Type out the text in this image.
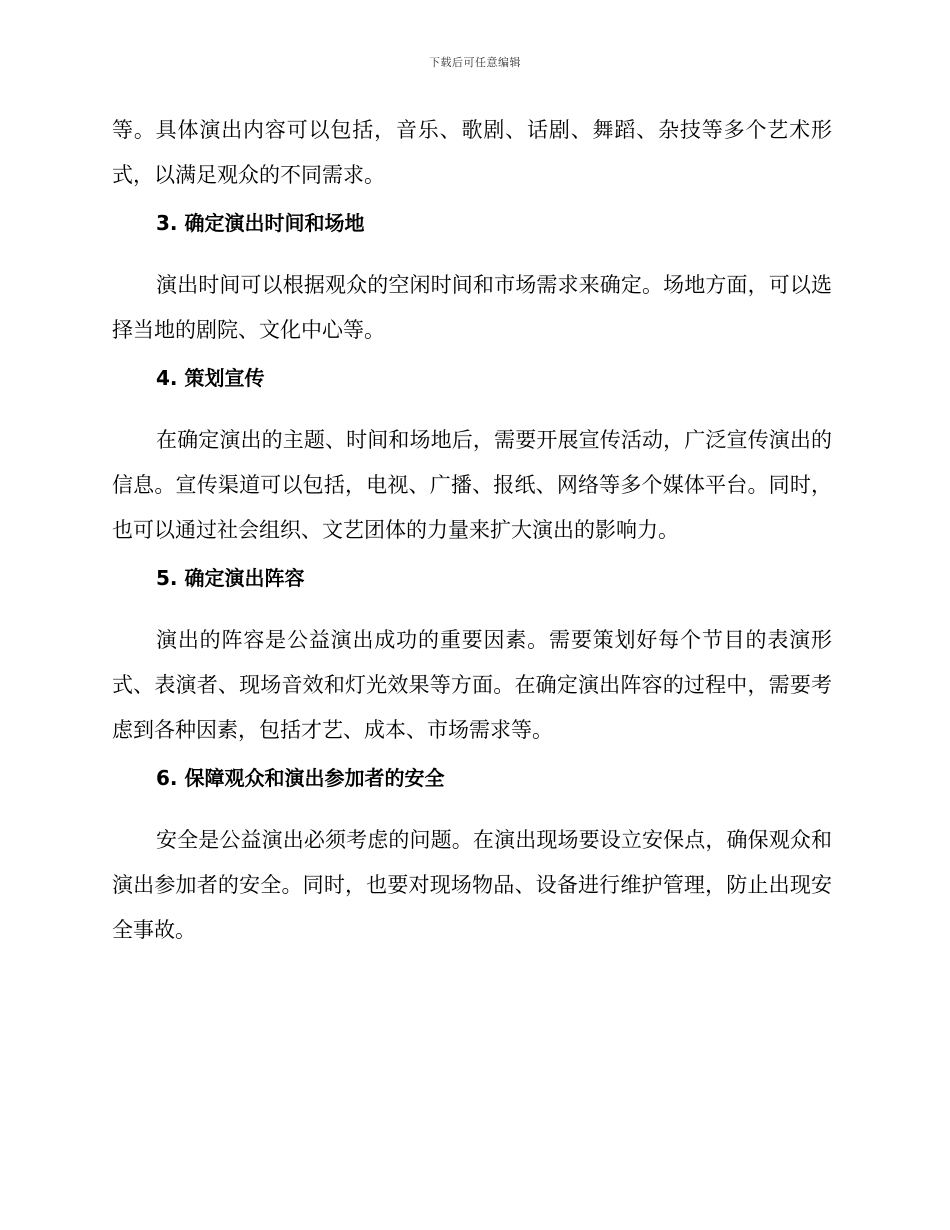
下载后可任意编辑

等。具体演出内容可以包括，音乐、歌剧、话剧、舞蹈、杂技等多个艺术形式，以满足观众的不同需求。

3. 确定演出时间和场地

演出时间可以根据观众的空闲时间和市场需求来确定。场地方面，可以选择当地的剧院、文化中心等。

4. 策划宣传

在确定演出的主题、时间和场地后，需要开展宣传活动，广泛宣传演出的信息。宣传渠道可以包括，电视、广播、报纸、网络等多个媒体平台。同时，也可以通过社会组织、文艺团体的力量来扩大演出的影响力。

5. 确定演出阵容

演出的阵容是公益演出成功的重要因素。需要策划好每个节目的表演形式、表演者、现场音效和灯光效果等方面。在确定演出阵容的过程中，需要考虑到各种因素，包括才艺、成本、市场需求等。

6. 保障观众和演出参加者的安全

安全是公益演出必须考虑的问题。在演出现场要设立安保点，确保观众和演出参加者的安全。同时，也要对现场物品、设备进行维护管理，防止出现安全事故。
